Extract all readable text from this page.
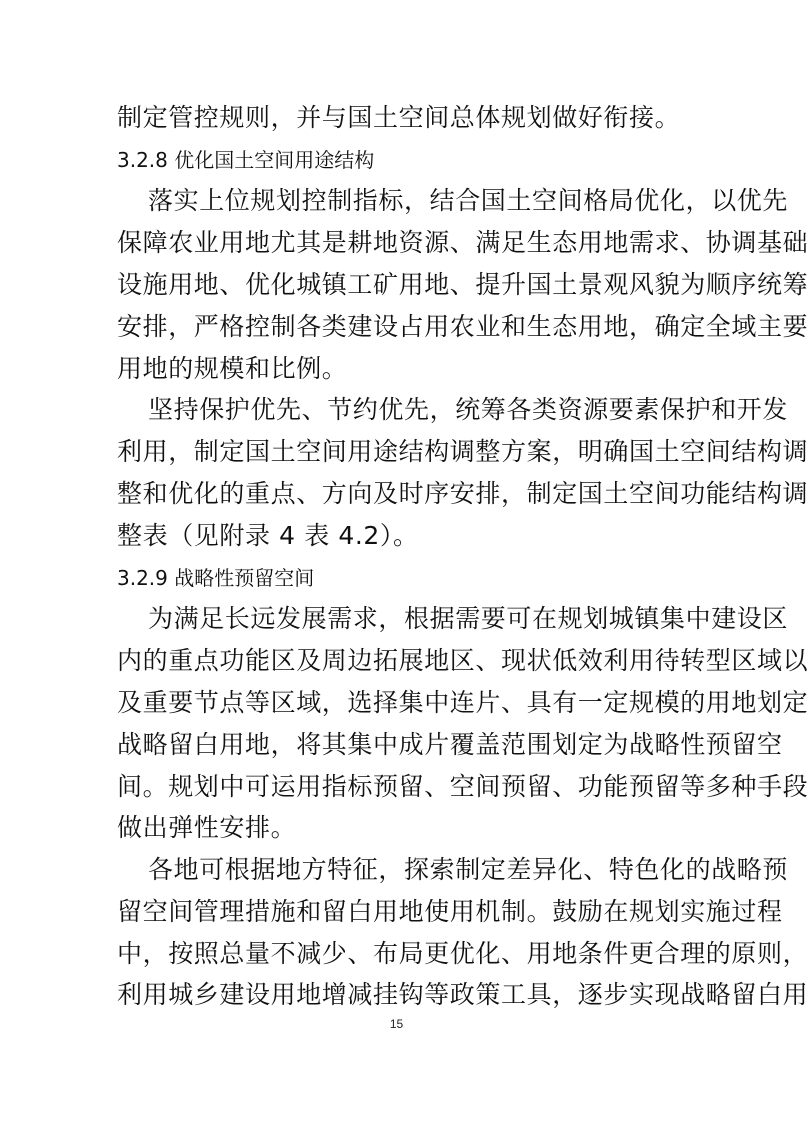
制定管控规则，并与国土空间总体规划做好衔接。
3.2.8 优化国土空间用途结构
落实上位规划控制指标，结合国土空间格局优化，以优先
保障农业用地尤其是耕地资源、满足生态用地需求、协调基础
设施用地、优化城镇工矿用地、提升国土景观风貌为顺序统筹
安排，严格控制各类建设占用农业和生态用地，确定全域主要
用地的规模和比例。
坚持保护优先、节约优先，统筹各类资源要素保护和开发
利用，制定国土空间用途结构调整方案，明确国土空间结构调
整和优化的重点、方向及时序安排，制定国土空间功能结构调
整表（见附录 4 表 4.2）。
3.2.9 战略性预留空间
为满足长远发展需求，根据需要可在规划城镇集中建设区
内的重点功能区及周边拓展地区、现状低效利用待转型区域以
及重要节点等区域，选择集中连片、具有一定规模的用地划定
战略留白用地，将其集中成片覆盖范围划定为战略性预留空
间。规划中可运用指标预留、空间预留、功能预留等多种手段
做出弹性安排。
各地可根据地方特征，探索制定差异化、特色化的战略预
留空间管理措施和留白用地使用机制。鼓励在规划实施过程
中，按照总量不减少、布局更优化、用地条件更合理的原则，
利用城乡建设用地增减挂钩等政策工具，逐步实现战略留白用
15
